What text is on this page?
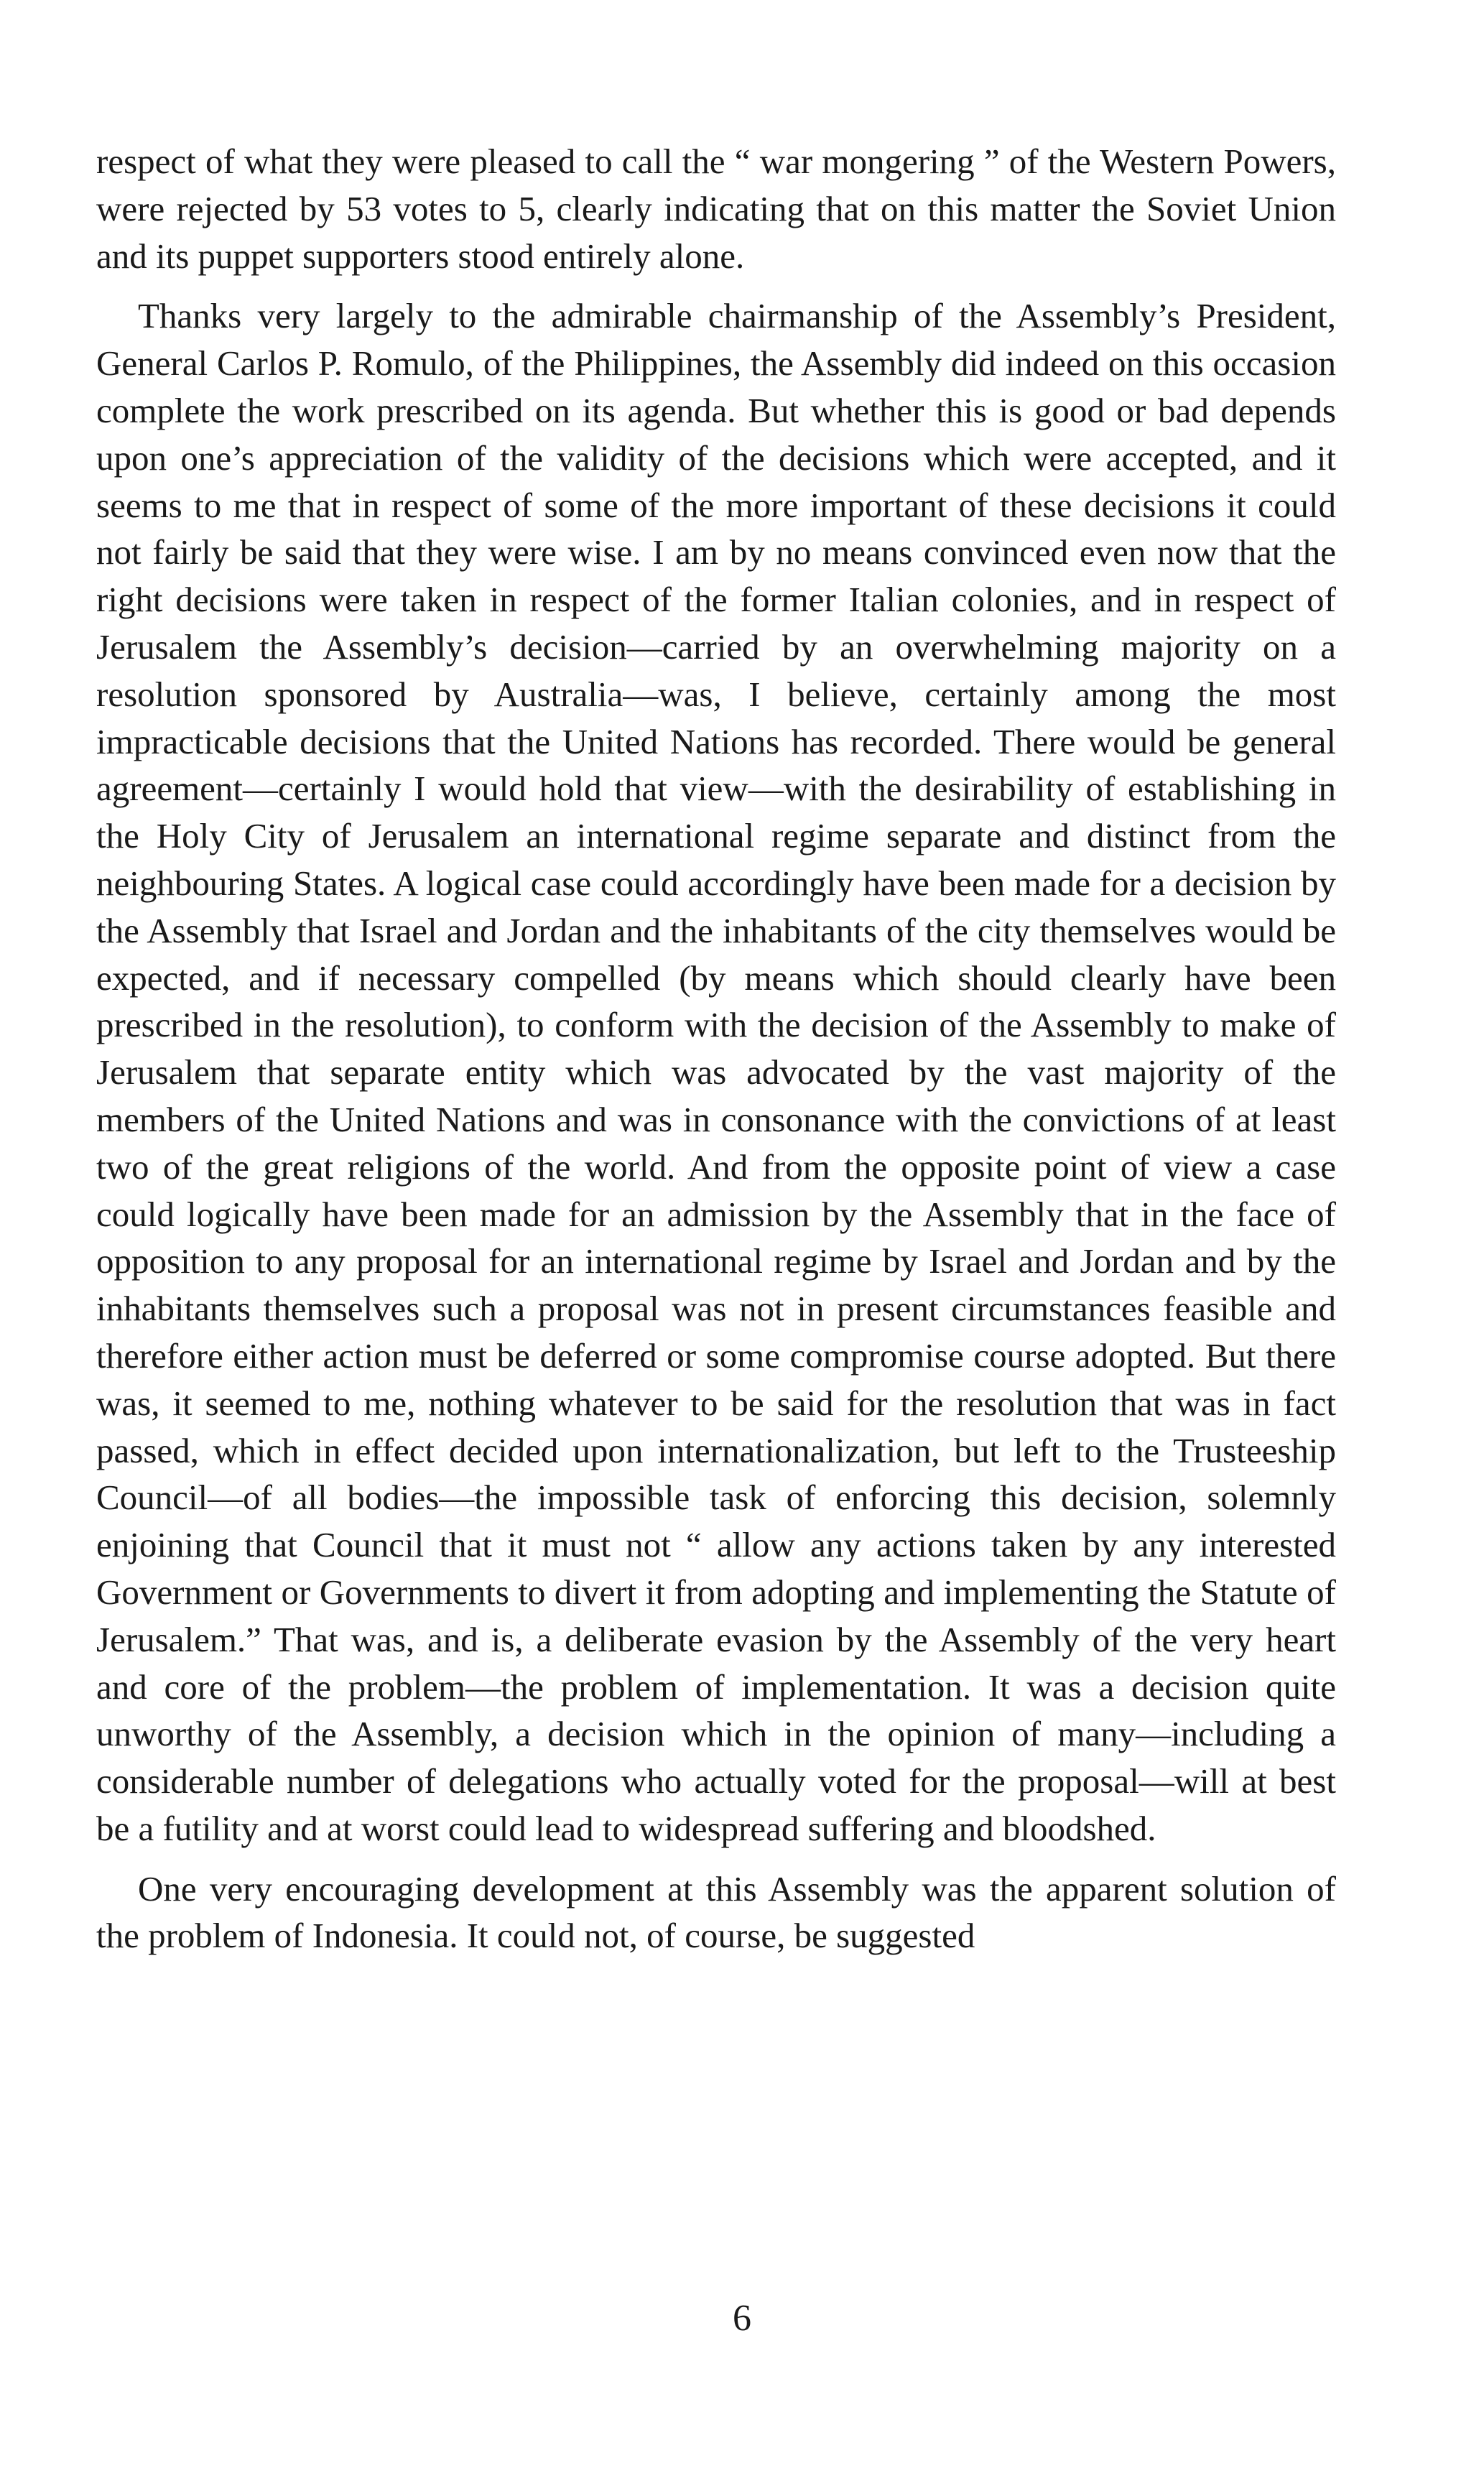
respect of what they were pleased to call the “ war mongering ” of the Western Powers, were rejected by 53 votes to 5, clearly indicating that on this matter the Soviet Union and its puppet supporters stood entirely alone.

Thanks very largely to the admirable chairmanship of the Assembly’s President, General Carlos P. Romulo, of the Philippines, the Assembly did indeed on this occasion complete the work prescribed on its agenda. But whether this is good or bad depends upon one’s appreciation of the validity of the decisions which were accepted, and it seems to me that in respect of some of the more important of these decisions it could not fairly be said that they were wise. I am by no means convinced even now that the right decisions were taken in respect of the former Italian colonies, and in respect of Jerusalem the Assembly’s decision—carried by an overwhelming majority on a resolution sponsored by Australia—was, I believe, certainly among the most impracticable decisions that the United Nations has recorded. There would be general agreement—certainly I would hold that view—with the desirability of establishing in the Holy City of Jerusalem an international regime separate and distinct from the neighbouring States. A logical case could accordingly have been made for a decision by the Assembly that Israel and Jordan and the inhabitants of the city themselves would be expected, and if necessary compelled (by means which should clearly have been prescribed in the resolution), to conform with the decision of the Assembly to make of Jerusalem that separate entity which was advocated by the vast majority of the members of the United Nations and was in consonance with the convictions of at least two of the great religions of the world. And from the opposite point of view a case could logically have been made for an admission by the Assembly that in the face of opposition to any proposal for an international regime by Israel and Jordan and by the inhabitants themselves such a proposal was not in present circumstances feasible and therefore either action must be deferred or some compromise course adopted. But there was, it seemed to me, nothing whatever to be said for the resolution that was in fact passed, which in effect decided upon internationalization, but left to the Trusteeship Council—of all bodies—the impossible task of enforcing this decision, solemnly enjoining that Council that it must not “ allow any actions taken by any interested Government or Governments to divert it from adopting and implementing the Statute of Jerusalem.” That was, and is, a deliberate evasion by the Assembly of the very heart and core of the problem—the problem of implementation. It was a decision quite unworthy of the Assembly, a decision which in the opinion of many—including a considerable number of delegations who actually voted for the proposal—will at best be a futility and at worst could lead to widespread suffering and bloodshed.

One very encouraging development at this Assembly was the apparent solution of the problem of Indonesia. It could not, of course, be suggested

6
